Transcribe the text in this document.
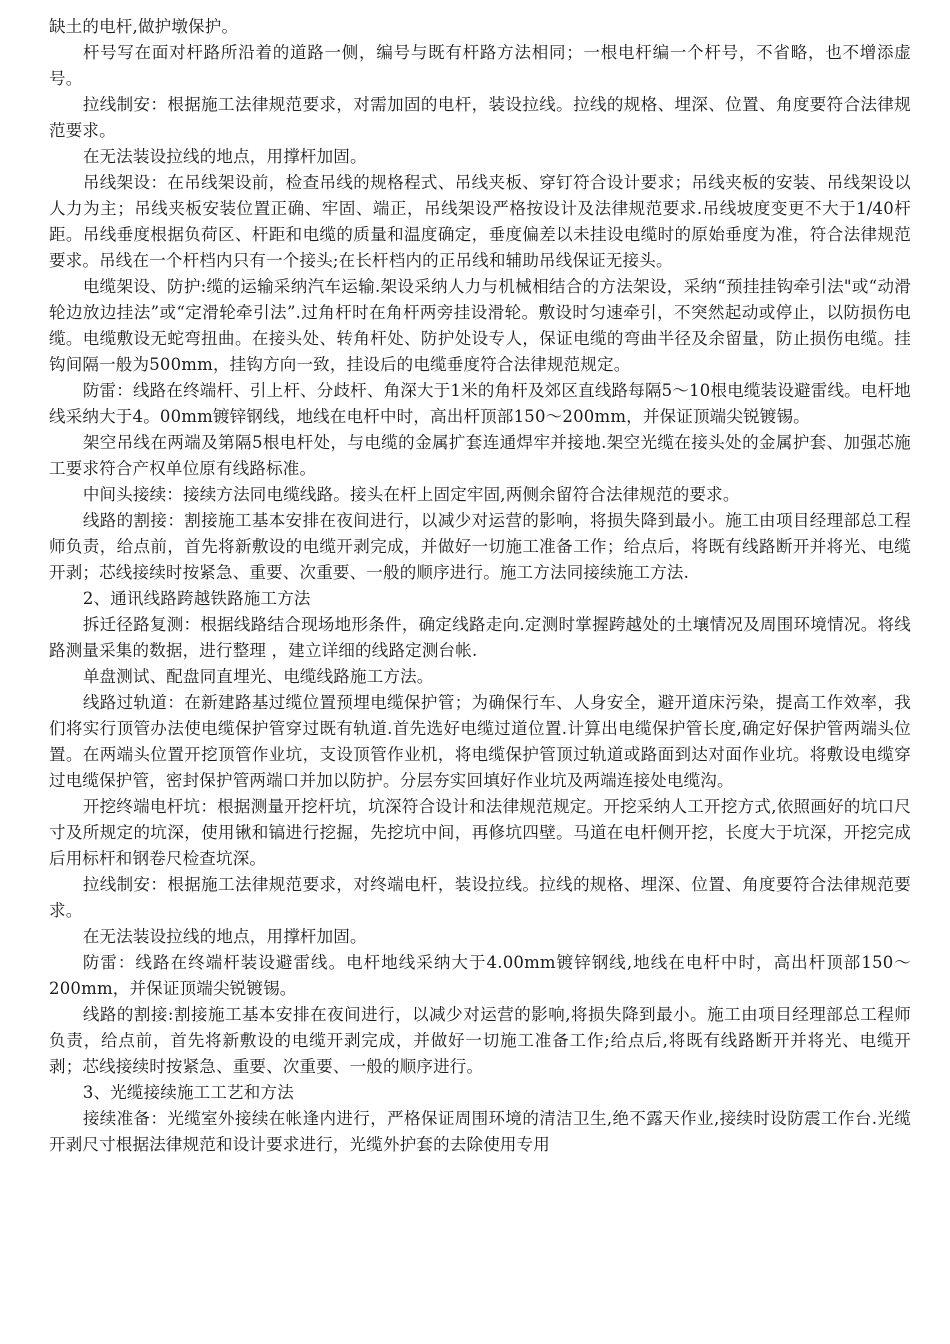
缺土的电杆,做护墩保护。

杆号写在面对杆路所沿着的道路一侧，编号与既有杆路方法相同；一根电杆编一个杆号，不省略，也不增添虚号。

拉线制安：根据施工法律规范要求，对需加固的电杆，装设拉线。拉线的规格、埋深、位置、角度要符合法律规范要求。

在无法装设拉线的地点，用撑杆加固。

吊线架设：在吊线架设前，检查吊线的规格程式、吊线夹板、穿钉符合设计要求；吊线夹板的安装、吊线架设以人力为主；吊线夹板安装位置正确、牢固、端正，吊线架设严格按设计及法律规范要求.吊线坡度变更不大于1/40杆距。吊线垂度根据负荷区、杆距和电缆的质量和温度确定，垂度偏差以未挂设电缆时的原始垂度为准，符合法律规范要求。吊线在一个杆档内只有一个接头;在长杆档内的正吊线和辅助吊线保证无接头。

电缆架设、防护:缆的运输采纳汽车运输.架设采纳人力与机械相结合的方法架设，采纳“预挂挂钩牵引法"或“动滑轮边放边挂法”或“定滑轮牵引法”.过角杆时在角杆两旁挂设滑轮。敷设时匀速牵引，不突然起动或停止，以防损伤电缆。电缆敷设无蛇弯扭曲。在接头处、转角杆处、防护处设专人，保证电缆的弯曲半径及余留量，防止损伤电缆。挂钩间隔一般为500mm，挂钩方向一致，挂设后的电缆垂度符合法律规范规定。

防雷：线路在终端杆、引上杆、分歧杆、角深大于1米的角杆及郊区直线路每隔5～10根电缆装设避雷线。电杆地线采纳大于4。00mm镀锌钢线，地线在电杆中时，高出杆顶部150～200mm，并保证顶端尖锐镀锡。

架空吊线在两端及第隔5根电杆处，与电缆的金属扩套连通焊牢并接地.架空光缆在接头处的金属护套、加强芯施工要求符合产权单位原有线路标准。

中间头接续：接续方法同电缆线路。接头在杆上固定牢固,两侧余留符合法律规范的要求。

线路的割接：割接施工基本安排在夜间进行，以减少对运营的影响，将损失降到最小。施工由项目经理部总工程师负责，给点前，首先将新敷设的电缆开剥完成，并做好一切施工准备工作；给点后，将既有线路断开并将光、电缆开剥；芯线接续时按紧急、重要、次重要、一般的顺序进行。施工方法同接续施工方法.

2、通讯线路跨越铁路施工方法

拆迁径路复测：根据线路结合现场地形条件，确定线路走向.定测时掌握跨越处的土壤情况及周围环境情况。将线路测量采集的数据，进行整理 ，建立详细的线路定测台帐.

单盘测试、配盘同直埋光、电缆线路施工方法。

线路过轨道：在新建路基过缆位置预埋电缆保护管；为确保行车、人身安全，避开道床污染，提高工作效率，我们将实行顶管办法使电缆保护管穿过既有轨道.首先选好电缆过道位置.计算出电缆保护管长度,确定好保护管两端头位置。在两端头位置开挖顶管作业坑，支设顶管作业机，将电缆保护管顶过轨道或路面到达对面作业坑。将敷设电缆穿过电缆保护管，密封保护管两端口并加以防护。分层夯实回填好作业坑及两端连接处电缆沟。

开挖终端电杆坑：根据测量开挖杆坑，坑深符合设计和法律规范规定。开挖采纳人工开挖方式,依照画好的坑口尺寸及所规定的坑深，使用锹和镐进行挖掘，先挖坑中间，再修坑四壁。马道在电杆侧开挖，长度大于坑深，开挖完成后用标杆和钢卷尺检查坑深。

拉线制安：根据施工法律规范要求，对终端电杆，装设拉线。拉线的规格、埋深、位置、角度要符合法律规范要求。

在无法装设拉线的地点，用撑杆加固。

防雷：线路在终端杆装设避雷线。电杆地线采纳大于4.00mm镀锌钢线,地线在电杆中时，高出杆顶部150～200mm，并保证顶端尖锐镀锡。

线路的割接:割接施工基本安排在夜间进行，以减少对运营的影响,将损失降到最小。施工由项目经理部总工程师负责，给点前，首先将新敷设的电缆开剥完成，并做好一切施工准备工作;给点后,将既有线路断开并将光、电缆开剥；芯线接续时按紧急、重要、次重要、一般的顺序进行。

3、光缆接续施工工艺和方法

接续准备：光缆室外接续在帐逢内进行，严格保证周围环境的清洁卫生,绝不露天作业,接续时设防震工作台.光缆开剥尺寸根据法律规范和设计要求进行，光缆外护套的去除使用专用
